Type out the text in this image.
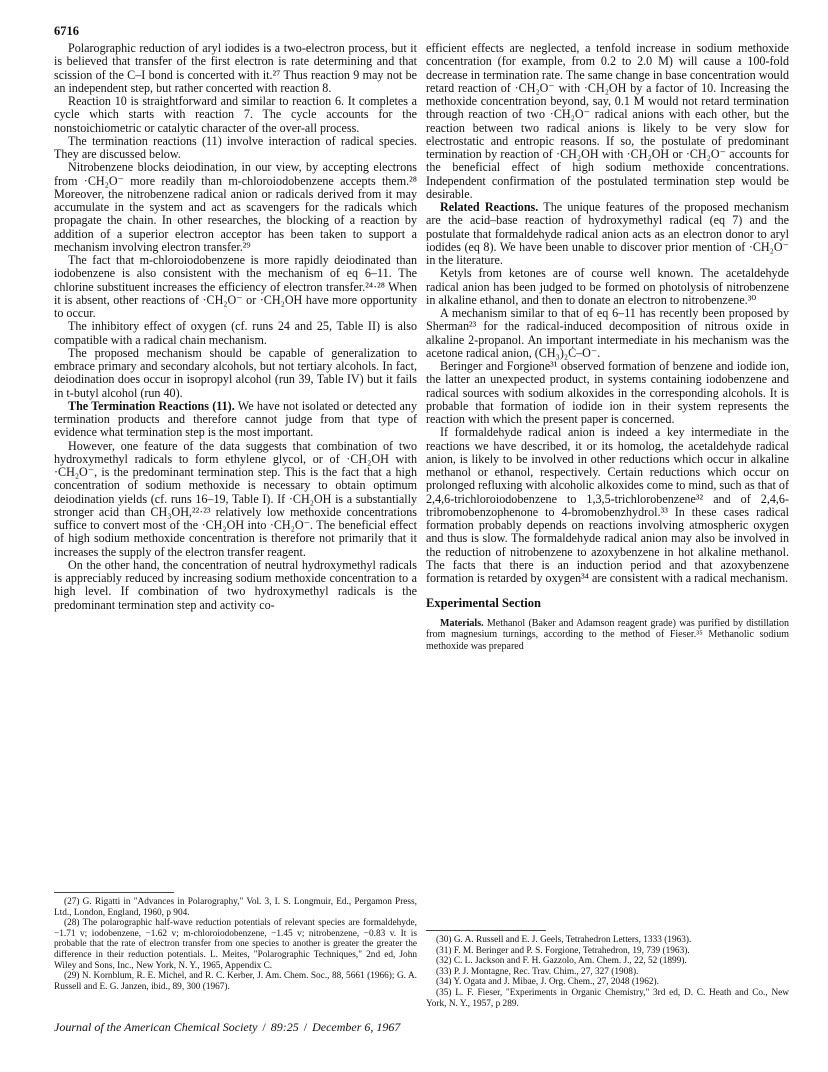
6716

Polarographic reduction of aryl iodides is a two-electron process, but it is believed that transfer of the first electron is rate determining and that scission of the C–I bond is concerted with it.²⁷ Thus reaction 9 may not be an independent step, but rather concerted with reaction 8.

Reaction 10 is straightforward and similar to reaction 6. It completes a cycle which starts with reaction 7. The cycle accounts for the nonstoichiometric or catalytic character of the over-all process.

The termination reactions (11) involve interaction of radical species. They are discussed below.

Nitrobenzene blocks deiodination, in our view, by accepting electrons from ·CH₂O⁻ more readily than m-chloroiodobenzene accepts them.²⁸ Moreover, the nitrobenzene radical anion or radicals derived from it may accumulate in the system and act as scavengers for the radicals which propagate the chain. In other researches, the blocking of a reaction by addition of a superior electron acceptor has been taken to support a mechanism involving electron transfer.²⁹

The fact that m-chloroiodobenzene is more rapidly deiodinated than iodobenzene is also consistent with the mechanism of eq 6–11. The chlorine substituent increases the efficiency of electron transfer.²⁴·²⁸ When it is absent, other reactions of ·CH₂O⁻ or ·CH₂OH have more opportunity to occur.

The inhibitory effect of oxygen (cf. runs 24 and 25, Table II) is also compatible with a radical chain mechanism.

The proposed mechanism should be capable of generalization to embrace primary and secondary alcohols, but not tertiary alcohols. In fact, deiodination does occur in isopropyl alcohol (run 39, Table IV) but it fails in t-butyl alcohol (run 40).

The Termination Reactions (11). We have not isolated or detected any termination products and therefore cannot judge from that type of evidence what termination step is the most important.

However, one feature of the data suggests that combination of two hydroxymethyl radicals to form ethylene glycol, or of ·CH₂OH with ·CH₂O⁻, is the predominant termination step. This is the fact that a high concentration of sodium methoxide is necessary to obtain optimum deiodination yields (cf. runs 16–19, Table I). If ·CH₂OH is a substantially stronger acid than CH₃OH,²²·²³ relatively low methoxide concentrations suffice to convert most of the ·CH₂OH into ·CH₂O⁻. The beneficial effect of high sodium methoxide concentration is therefore not primarily that it increases the supply of the electron transfer reagent.

On the other hand, the concentration of neutral hydroxymethyl radicals is appreciably reduced by increasing sodium methoxide concentration to a high level. If combination of two hydroxymethyl radicals is the predominant termination step and activity co-

efficient effects are neglected, a tenfold increase in sodium methoxide concentration (for example, from 0.2 to 2.0 M) will cause a 100-fold decrease in termination rate. The same change in base concentration would retard reaction of ·CH₂O⁻ with ·CH₂OH by a factor of 10. Increasing the methoxide concentration beyond, say, 0.1 M would not retard termination through reaction of two ·CH₂O⁻ radical anions with each other, but the reaction between two radical anions is likely to be very slow for electrostatic and entropic reasons. If so, the postulate of predominant termination by reaction of ·CH₂OH with ·CH₂OH or ·CH₂O⁻ accounts for the beneficial effect of high sodium methoxide concentrations. Independent confirmation of the postulated termination step would be desirable.

Related Reactions. The unique features of the proposed mechanism are the acid–base reaction of hydroxymethyl radical (eq 7) and the postulate that formaldehyde radical anion acts as an electron donor to aryl iodides (eq 8). We have been unable to discover prior mention of ·CH₂O⁻ in the literature.

Ketyls from ketones are of course well known. The acetaldehyde radical anion has been judged to be formed on photolysis of nitrobenzene in alkaline ethanol, and then to donate an electron to nitrobenzene.³⁰

A mechanism similar to that of eq 6–11 has recently been proposed by Sherman²³ for the radical-induced decomposition of nitrous oxide in alkaline 2-propanol. An important intermediate in his mechanism was the acetone radical anion, (CH₃)₂Ċ–O⁻.

Beringer and Forgione³¹ observed formation of benzene and iodide ion, the latter an unexpected product, in systems containing iodobenzene and radical sources with sodium alkoxides in the corresponding alcohols. It is probable that formation of iodide ion in their system represents the reaction with which the present paper is concerned.

If formaldehyde radical anion is indeed a key intermediate in the reactions we have described, it or its homolog, the acetaldehyde radical anion, is likely to be involved in other reductions which occur in alkaline methanol or ethanol, respectively. Certain reductions which occur on prolonged refluxing with alcoholic alkoxides come to mind, such as that of 2,4,6-trichloroiodobenzene to 1,3,5-trichlorobenzene³² and of 2,4,6-tribromobenzophenone to 4-bromobenzhydrol.³³ In these cases radical formation probably depends on reactions involving atmospheric oxygen and thus is slow. The formaldehyde radical anion may also be involved in the reduction of nitrobenzene to azoxybenzene in hot alkaline methanol. The facts that there is an induction period and that azoxybenzene formation is retarded by oxygen³⁴ are consistent with a radical mechanism.

Experimental Section

Materials. Methanol (Baker and Adamson reagent grade) was purified by distillation from magnesium turnings, according to the method of Fieser.³⁵ Methanolic sodium methoxide was prepared

(27) G. Rigatti in "Advances in Polarography," Vol. 3, I. S. Longmuir, Ed., Pergamon Press, Ltd., London, England, 1960, p 904.

(28) The polarographic half-wave reduction potentials of relevant species are formaldehyde, −1.71 v; iodobenzene, −1.62 v; m-chloroiodobenzene, −1.45 v; nitrobenzene, −0.83 v. It is probable that the rate of electron transfer from one species to another is greater the greater the difference in their reduction potentials. L. Meites, "Polarographic Techniques," 2nd ed, John Wiley and Sons, Inc., New York, N. Y., 1965, Appendix C.

(29) N. Kornblum, R. E. Michel, and R. C. Kerber, J. Am. Chem. Soc., 88, 5661 (1966); G. A. Russell and E. G. Janzen, ibid., 89, 300 (1967).

(30) G. A. Russell and E. J. Geels, Tetrahedron Letters, 1333 (1963).

(31) F. M. Beringer and P. S. Forgione, Tetrahedron, 19, 739 (1963).

(32) C. L. Jackson and F. H. Gazzolo, Am. Chem. J., 22, 52 (1899).

(33) P. J. Montagne, Rec. Trav. Chim., 27, 327 (1908).

(34) Y. Ogata and J. Mibae, J. Org. Chem., 27, 2048 (1962).

(35) L. F. Fieser, "Experiments in Organic Chemistry," 3rd ed, D. C. Heath and Co., New York, N. Y., 1957, p 289.

Journal of the American Chemical Society / 89:25 / December 6, 1967
